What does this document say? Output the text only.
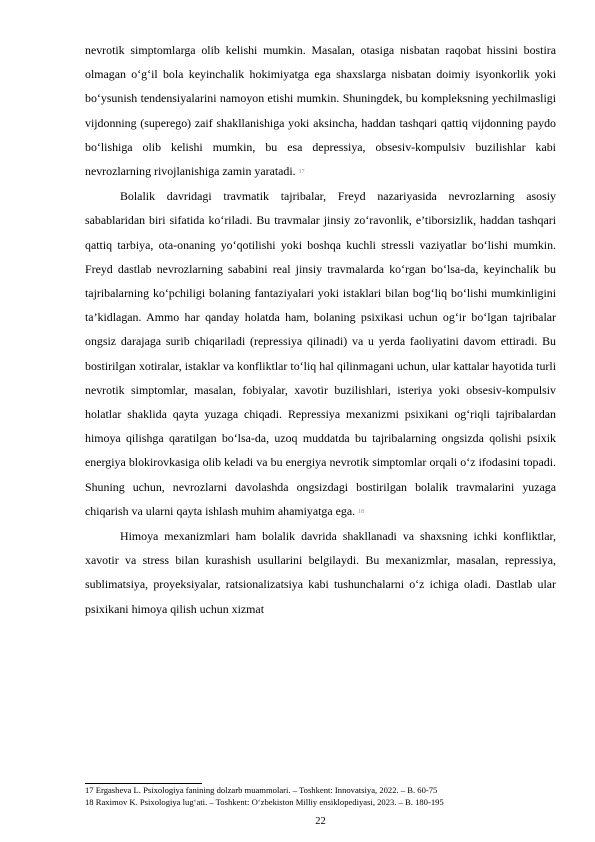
nevrotik simptomlarga olib kelishi mumkin. Masalan, otasiga nisbatan raqobat hissini bostira olmagan o‘g‘il bola keyinchalik hokimiyatga ega shaxslarga nisbatan doimiy isyonkorlik yoki bo‘ysunish tendensiyalarini namoyon etishi mumkin. Shuningdek, bu kompleksning yechilmasligi vijdonning (superego) zaif shakllanishiga yoki aksincha, haddan tashqari qattiq vijdonning paydo bo‘lishiga olib kelishi mumkin, bu esa depressiya, obsesiv-kompulsiv buzilishlar kabi nevrozlarning rivojlanishiga zamin yaratadi. $^{17}$

Bolalik davridagi travmatik tajribalar, Freyd nazariyasida nevrozlarning asosiy sabablaridan biri sifatida ko‘riladi. Bu travmalar jinsiy zo‘ravonlik, e’tiborsizlik, haddan tashqari qattiq tarbiya, ota-onaning yo‘qotilishi yoki boshqa kuchli stressli vaziyatlar bo‘lishi mumkin. Freyd dastlab nevrozlarning sababini real jinsiy travmalarda ko‘rgan bo‘lsa-da, keyinchalik bu tajribalarning ko‘pchiligi bolaning fantaziyalari yoki istaklari bilan bog‘liq bo‘lishi mumkinligini ta’kidlagan. Ammo har qanday holatda ham, bolaning psixikasi uchun og‘ir bo‘lgan tajribalar ongsiz darajaga surib chiqariladi (repressiya qilinadi) va u yerda faoliyatini davom ettiradi. Bu bostirilgan xotiralar, istaklar va konfliktlar to‘liq hal qilinmagani uchun, ular kattalar hayotida turli nevrotik simptomlar, masalan, fobiyalar, xavotir buzilishlari, isteriya yoki obsesiv-kompulsiv holatlar shaklida qayta yuzaga chiqadi. Repressiya mexanizmi psixikani og‘riqli tajribalardan himoya qilishga qaratilgan bo‘lsa-da, uzoq muddatda bu tajribalarning ongsizda qolishi psixik energiya blokirovkasiga olib keladi va bu energiya nevrotik simptomlar orqali o‘z ifodasini topadi. Shuning uchun, nevrozlarni davolashda ongsizdagi bostirilgan bolalik travmalarini yuzaga chiqarish va ularni qayta ishlash muhim ahamiyatga ega. $^{18}$

Himoya mexanizmlari ham bolalik davrida shakllanadi va shaxsning ichki konfliktlar, xavotir va stress bilan kurashish usullarini belgilaydi. Bu mexanizmlar, masalan, repressiya, sublimatsiya, proyeksiyalar, ratsionalizatsiya kabi tushunchalarni o‘z ichiga oladi. Dastlab ular psixikani himoya qilish uchun xizmat

17 Ergasheva L. Psixologiya fanining dolzarb muammolari. – Toshkent: Innovatsiya, 2022. – B. 60-75

18 Raximov K. Psixologiya lug‘ati. – Toshkent: O‘zbekiston Milliy ensiklopediyasi, 2023. – B. 180-195

22
